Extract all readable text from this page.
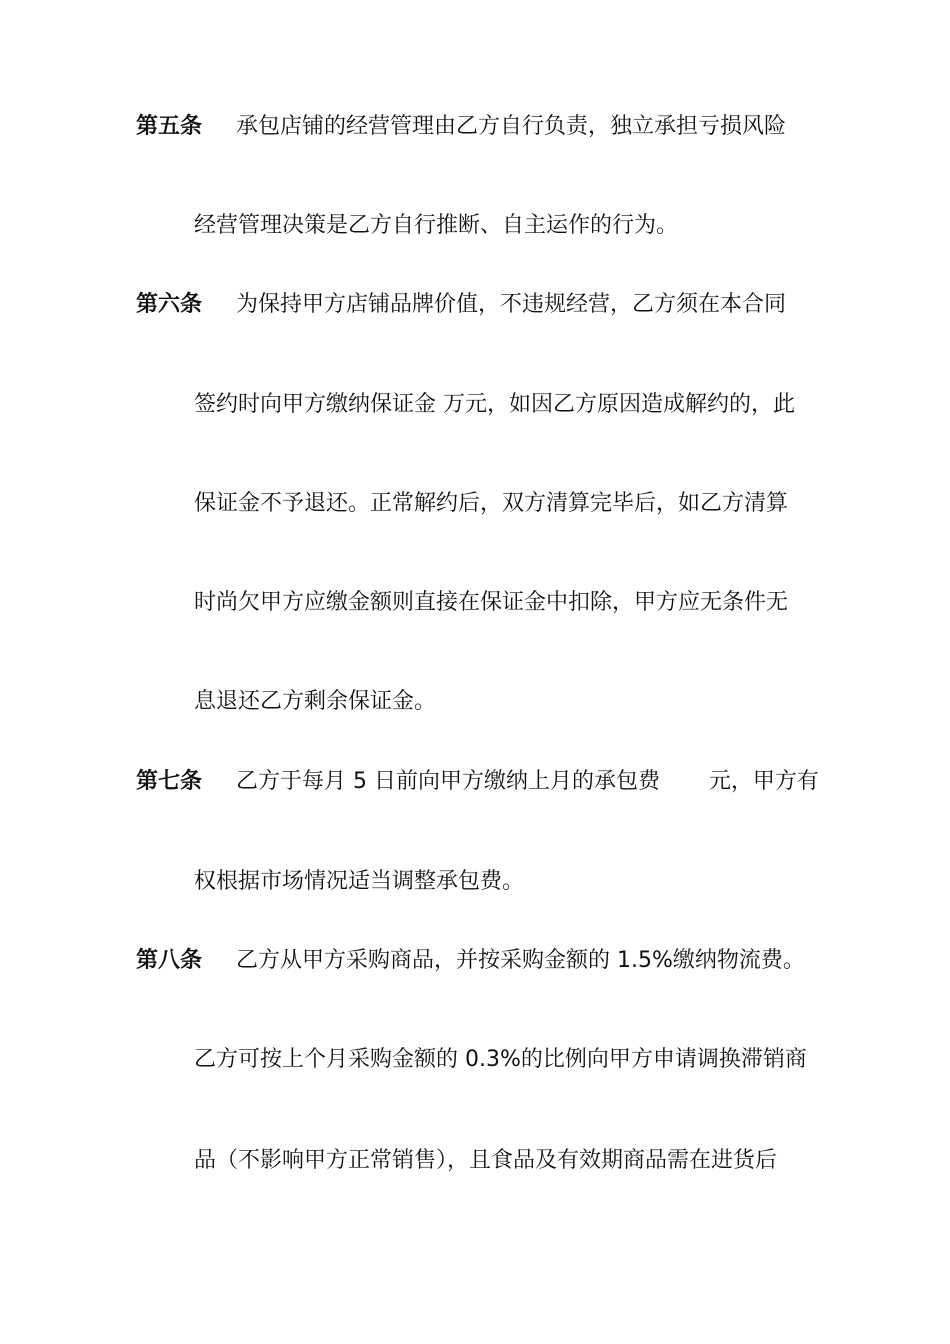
第五条 承包店铺的经营管理由乙方自行负责，独立承担亏损风险
经营管理决策是乙方自行推断、自主运作的行为。
第六条 为保持甲方店铺品牌价值，不违规经营，乙方须在本合同
签约时向甲方缴纳保证金 万元，如因乙方原因造成解约的，此
保证金不予退还。正常解约后，双方清算完毕后，如乙方清算
时尚欠甲方应缴金额则直接在保证金中扣除，甲方应无条件无
息退还乙方剩余保证金。
第七条 乙方于每月 5 日前向甲方缴纳上月的承包费       元，甲方有
权根据市场情况适当调整承包费。
第八条 乙方从甲方采购商品，并按采购金额的 1.5%缴纳物流费。
乙方可按上个月采购金额的 0.3%的比例向甲方申请调换滞销商
品（不影响甲方正常销售），且食品及有效期商品需在进货后
